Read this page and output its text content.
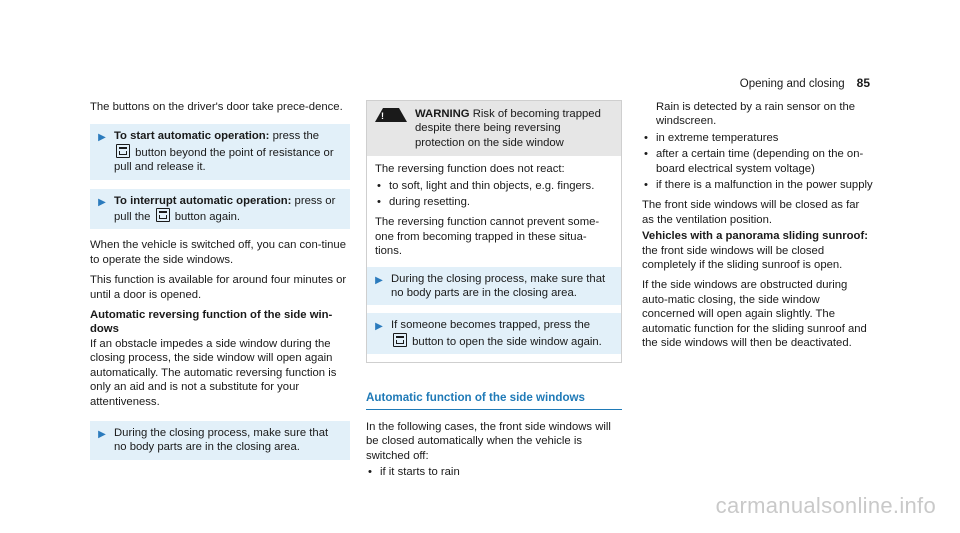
Opening and closing 85

The buttons on the driver's door take prece-dence.

▶ To start automatic operation: press the
button beyond the point of resistance or pull and release it.
▶ To interrupt automatic operation: press or pull the  button again.

When the vehicle is switched off, you can con-tinue to operate the side windows.

This function is available for around four minutes or until a door is opened.

Automatic reversing function of the side win-dows

If an obstacle impedes a side window during the closing process, the side window will open again automatically. The automatic reversing function is only an aid and is not a substitute for your attentiveness.

▶ During the closing process, make sure that no body parts are in the closing area.
!	WARNING Risk of becoming trapped despite there being reversing protection on the side window

The reversing function does not react:

• to soft, light and thin objects, e.g. fingers.
• during resetting.

The reversing function cannot prevent some-one from becoming trapped in these situa-tions.

▶ During the closing process, make sure that no body parts are in the closing area.
▶ If someone becomes trapped, press the
button to open the side window again.
Automatic function of the side windows

In the following cases, the front side windows will be closed automatically when the vehicle is switched off:

• if it starts to rain

Rain is detected by a rain sensor on the windscreen.

• in extreme temperatures
• after a certain time (depending on the on-board electrical system voltage)
• if there is a malfunction in the power supply

The front side windows will be closed as far as the ventilation position.

Vehicles with a panorama sliding sunroof:

the front side windows will be closed completely if the sliding sunroof is open.

If the side windows are obstructed during auto-matic closing, the side window concerned will open again slightly. The automatic function for the sliding sunroof and the side windows will then be deactivated.

carmanualsonline.info
